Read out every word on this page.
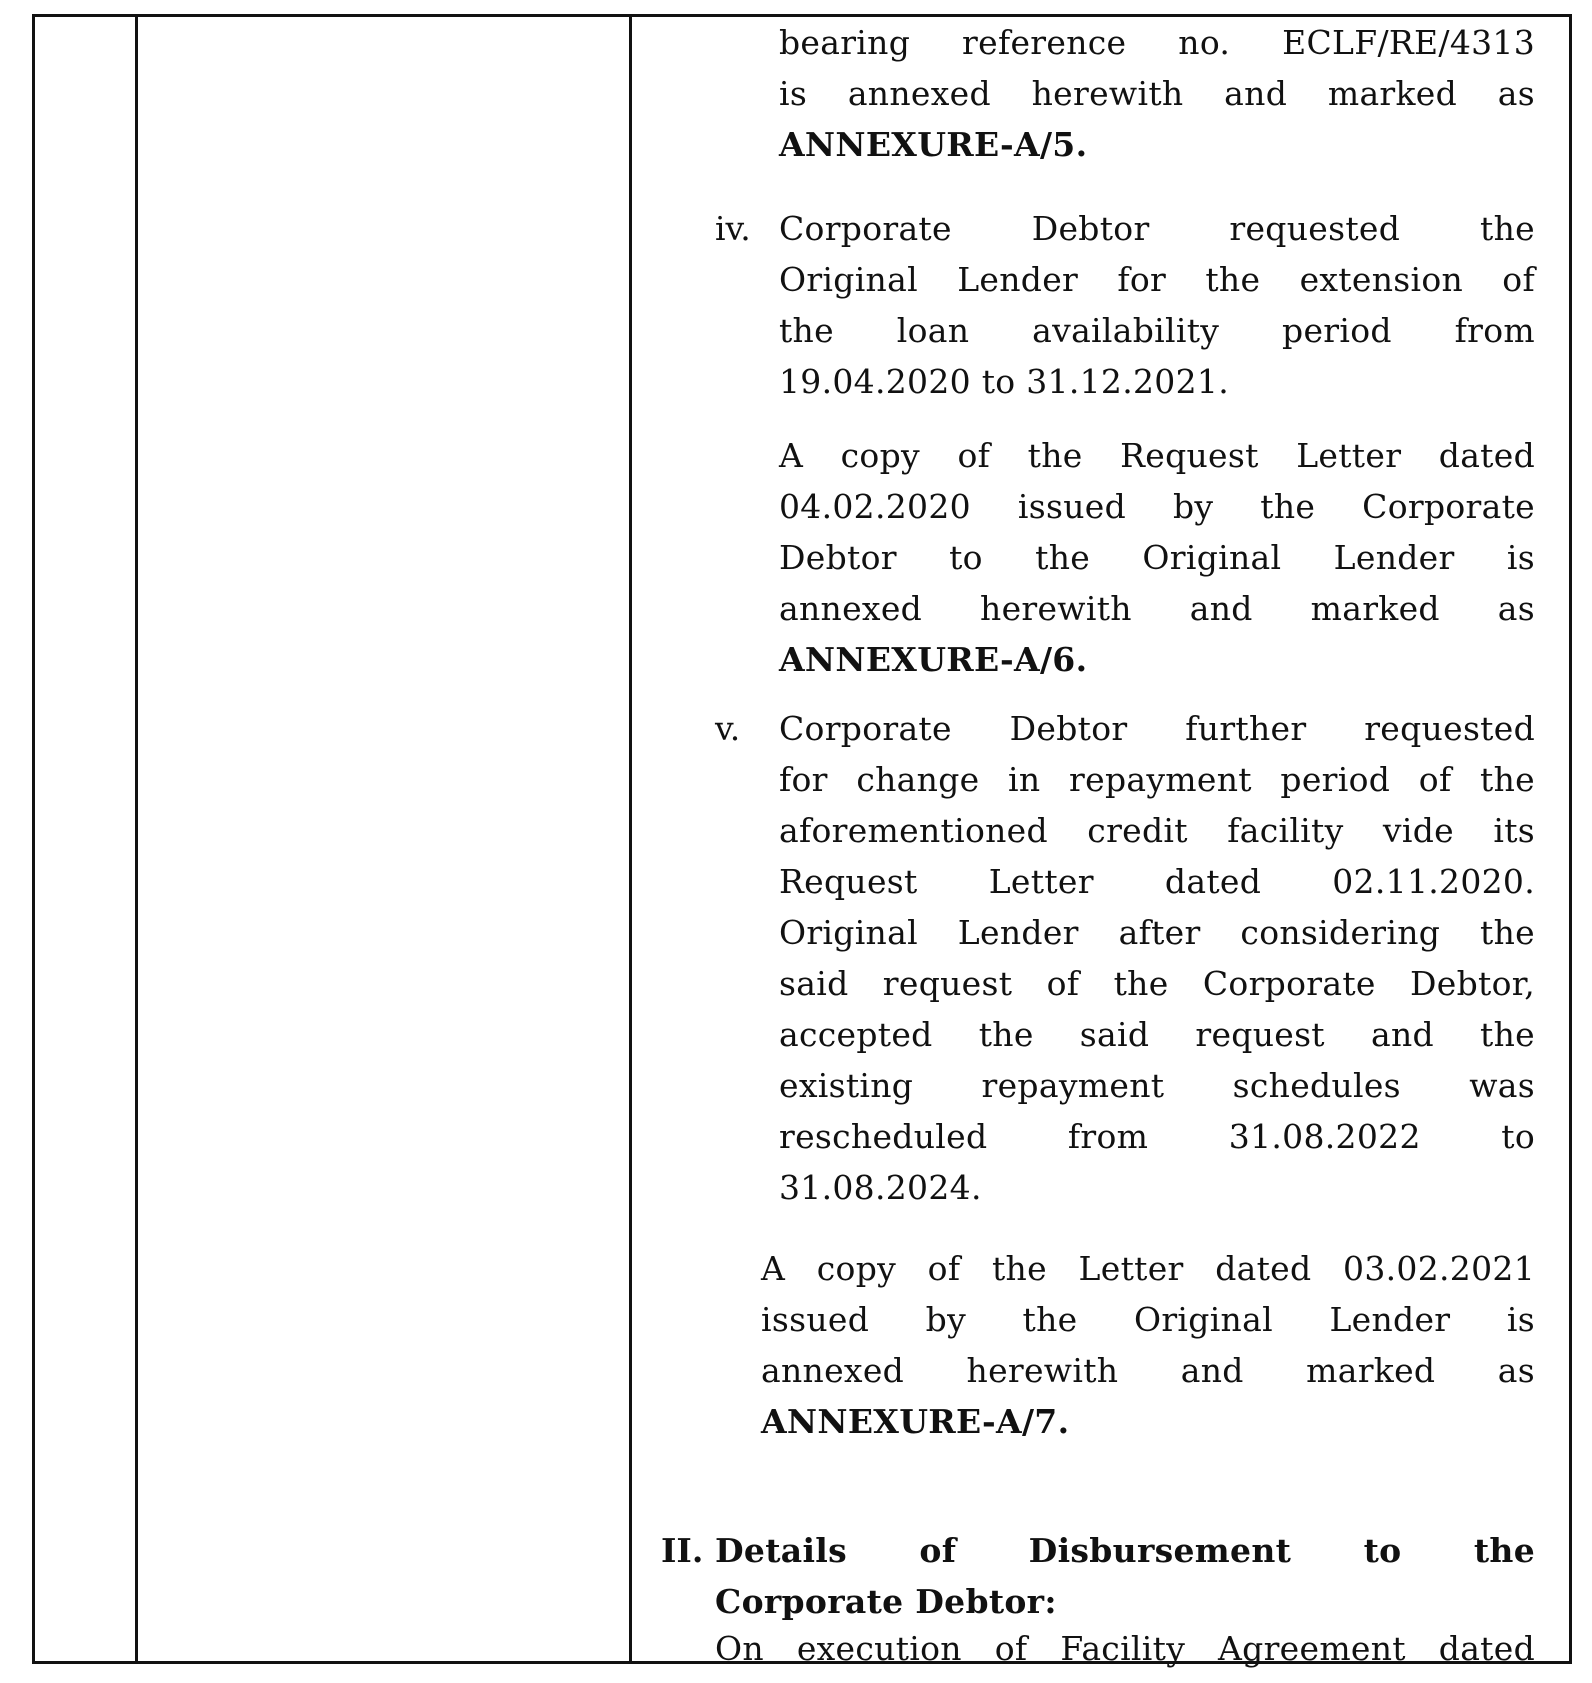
bearing reference no. ECLF/RE/4313
is annexed herewith and marked as
ANNEXURE-A/5.
iv. Corporate Debtor requested the
Original Lender for the extension of
the loan availability period from
19.04.2020 to 31.12.2021.
A copy of the Request Letter dated
04.02.2020 issued by the Corporate
Debtor to the Original Lender is
annexed herewith and marked as
ANNEXURE-A/6.
v. Corporate Debtor further requested
for change in repayment period of the
aforementioned credit facility vide its
Request Letter dated 02.11.2020.
Original Lender after considering the
said request of the Corporate Debtor,
accepted the said request and the
existing repayment schedules was
rescheduled from 31.08.2022 to
31.08.2024.
A copy of the Letter dated 03.02.2021
issued by the Original Lender is
annexed herewith and marked as
ANNEXURE-A/7.
II. Details of Disbursement to the
Corporate Debtor:
On execution of Facility Agreement dated
